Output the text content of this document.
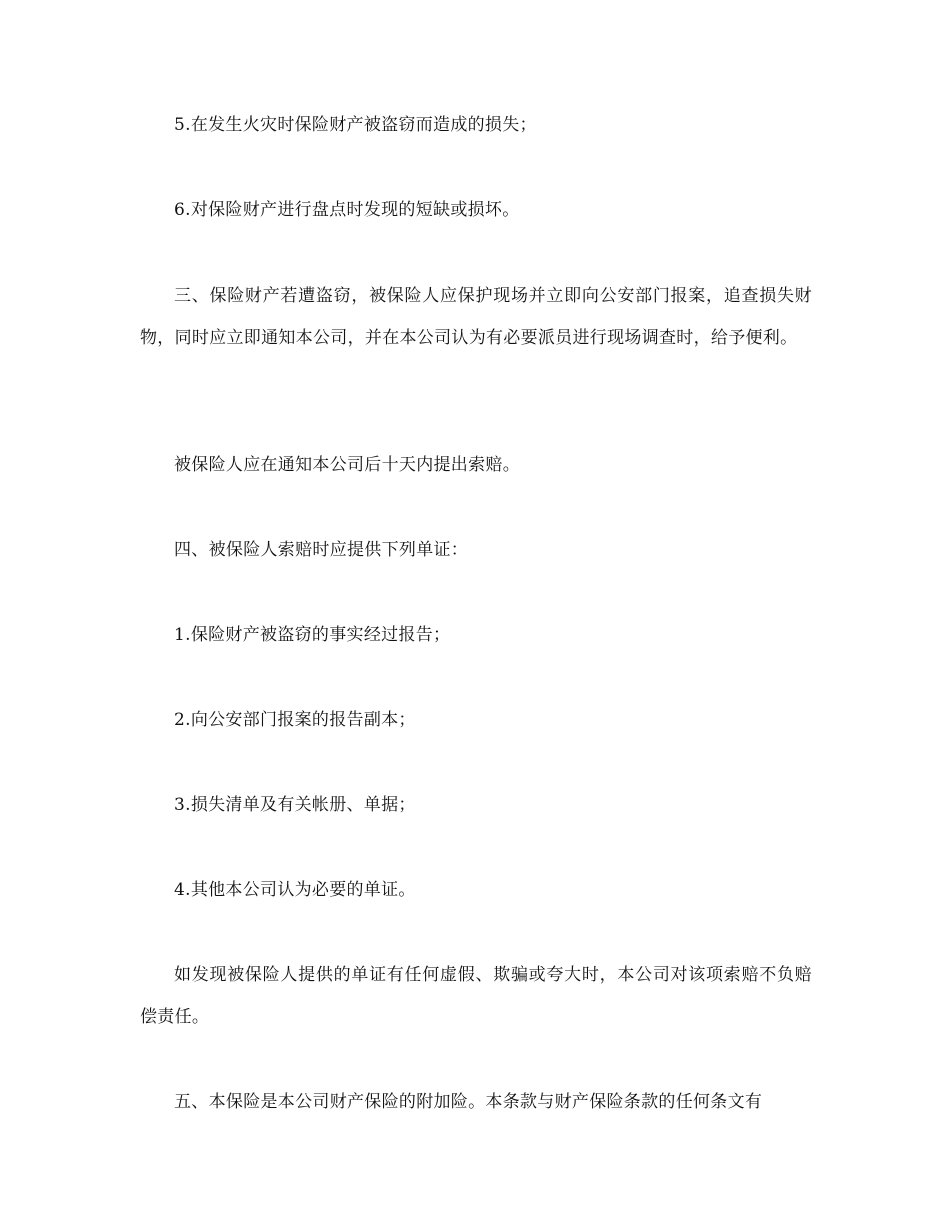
5.在发生火灾时保险财产被盗窃而造成的损失；

6.对保险财产进行盘点时发现的短缺或损坏。

三、保险财产若遭盗窃，被保险人应保护现场并立即向公安部门报案，追查损失财物，同时应立即通知本公司，并在本公司认为有必要派员进行现场调查时，给予便利。

被保险人应在通知本公司后十天内提出索赔。

四、被保险人索赔时应提供下列单证：

1.保险财产被盗窃的事实经过报告；

2.向公安部门报案的报告副本；

3.损失清单及有关帐册、单据；

4.其他本公司认为必要的单证。

如发现被保险人提供的单证有任何虚假、欺骗或夸大时，本公司对该项索赔不负赔偿责任。

五、本保险是本公司财产保险的附加险。本条款与财产保险条款的任何条文有
